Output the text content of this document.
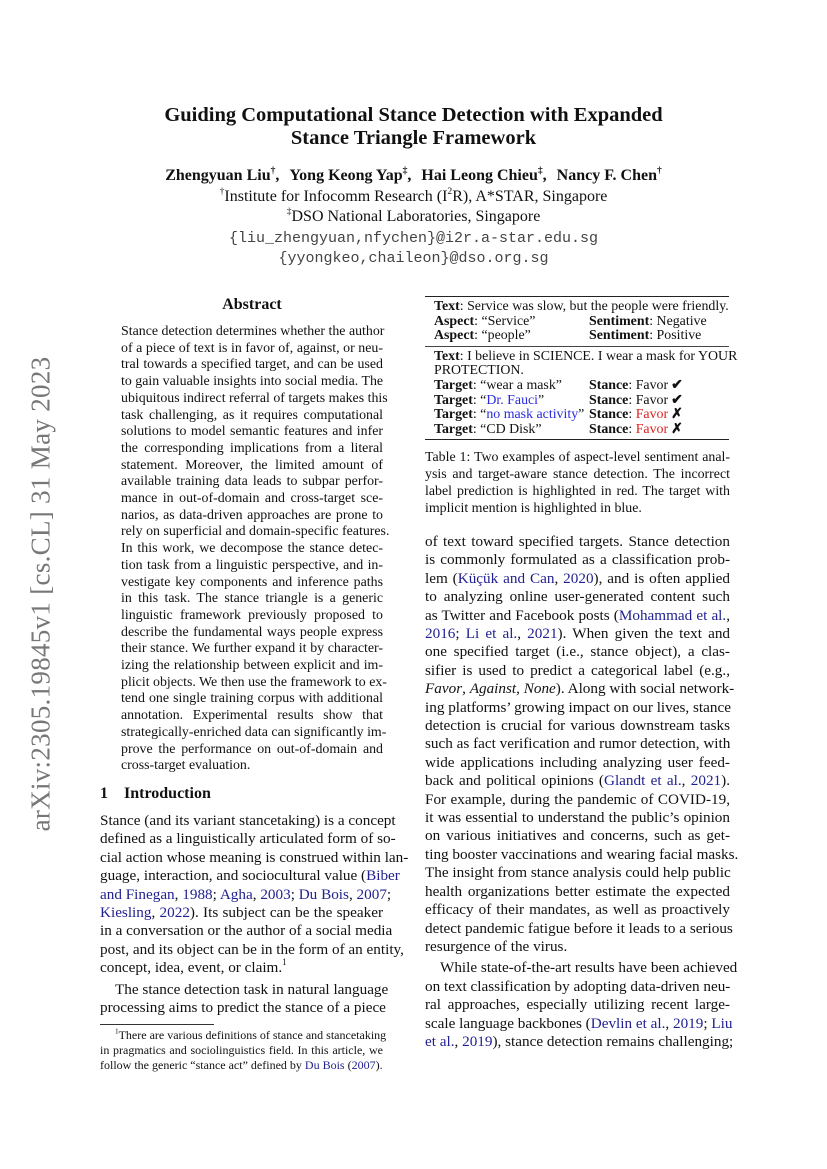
arXiv:2305.19845v1 [cs.CL] 31 May 2023
Guiding Computational Stance Detection with Expanded
Stance Triangle Framework
Zhengyuan Liu†, Yong Keong Yap‡, Hai Leong Chieu‡, Nancy F. Chen†
†Institute for Infocomm Research $(I^2R)$, A*STAR, Singapore
‡DSO National Laboratories, Singapore
{liu_zhengyuan,nfychen}@i2r.a-star.edu.sg
{yyongkeo,chaileon}@dso.org.sg
Abstract
Stance detection determines whether the author
of a piece of text is in favor of, against, or neu-
tral towards a specified target, and can be used
to gain valuable insights into social media. The
ubiquitous indirect referral of targets makes this
task challenging, as it requires computational
solutions to model semantic features and infer
the corresponding implications from a literal
statement. Moreover, the limited amount of
available training data leads to subpar perfor-
mance in out-of-domain and cross-target sce-
narios, as data-driven approaches are prone to
rely on superficial and domain-specific features.
In this work, we decompose the stance detec-
tion task from a linguistic perspective, and in-
vestigate key components and inference paths
in this task. The stance triangle is a generic
linguistic framework previously proposed to
describe the fundamental ways people express
their stance. We further expand it by character-
izing the relationship between explicit and im-
plicit objects. We then use the framework to ex-
tend one single training corpus with additional
annotation. Experimental results show that
strategically-enriched data can significantly im-
prove the performance on out-of-domain and
cross-target evaluation.
1 Introduction
Stance (and its variant stancetaking) is a concept
defined as a linguistically articulated form of so-
cial action whose meaning is construed within lan-
guage, interaction, and sociocultural value (Biber
and Finegan, 1988; Agha, 2003; Du Bois, 2007;
Kiesling, 2022). Its subject can be the speaker
in a conversation or the author of a social media
post, and its object can be in the form of an entity,
concept, idea, event, or claim.$^1$
The stance detection task in natural language
processing aims to predict the stance of a piece
$^1$There are various definitions of stance and stancetaking
in pragmatics and sociolinguistics field. In this article, we
follow the generic “stance act” defined by Du Bois (2007).
Text: Service was slow, but the people were friendly.
Aspect: “Service”	Sentiment: Negative
Aspect: “people”	Sentiment: Positive
Text: I believe in SCIENCE. I wear a mask for YOUR
PROTECTION.
Target: “wear a mask”	Stance: Favor ✔
Target: “Dr. Fauci”	Stance: Favor ✔
Target: “no mask activity” Stance: Favor ✗
Target: “CD Disk”	Stance: Favor ✗
Table 1: Two examples of aspect-level sentiment anal-
ysis and target-aware stance detection. The incorrect
label prediction is highlighted in red. The target with
implicit mention is highlighted in blue.
of text toward specified targets. Stance detection
is commonly formulated as a classification prob-
lem (Küçük and Can, 2020), and is often applied
to analyzing online user-generated content such
as Twitter and Facebook posts (Mohammad et al.,
2016; Li et al., 2021). When given the text and
one specified target (i.e., stance object), a clas-
sifier is used to predict a categorical label (e.g.,
Favor, Against, None). Along with social network-
ing platforms’ growing impact on our lives, stance
detection is crucial for various downstream tasks
such as fact verification and rumor detection, with
wide applications including analyzing user feed-
back and political opinions (Glandt et al., 2021).
For example, during the pandemic of COVID-19,
it was essential to understand the public’s opinion
on various initiatives and concerns, such as get-
ting booster vaccinations and wearing facial masks.
The insight from stance analysis could help public
health organizations better estimate the expected
efficacy of their mandates, as well as proactively
detect pandemic fatigue before it leads to a serious
resurgence of the virus.
While state-of-the-art results have been achieved
on text classification by adopting data-driven neu-
ral approaches, especially utilizing recent large-
scale language backbones (Devlin et al., 2019; Liu
et al., 2019), stance detection remains challenging;
